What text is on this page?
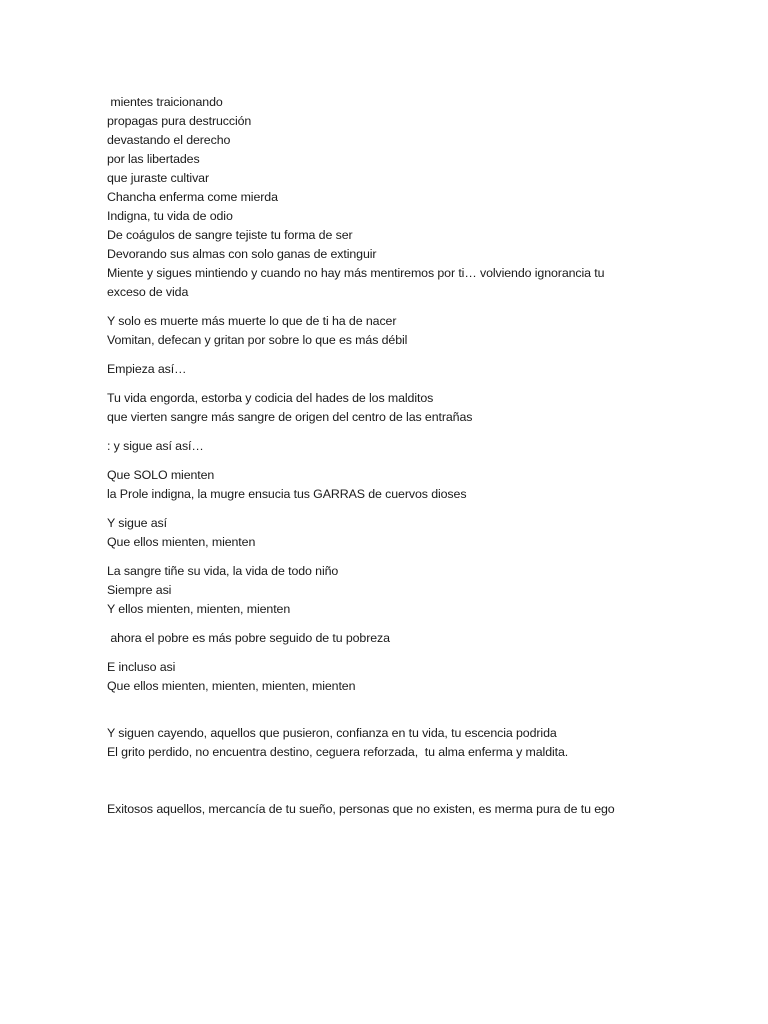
mientes traicionando
propagas pura destrucción
devastando el derecho
por las libertades
que juraste cultivar
Chancha enferma come mierda
Indigna, tu vida de odio
De coágulos de sangre tejiste tu forma de ser
Devorando sus almas con solo ganas de extinguir
Miente y sigues mintiendo y cuando no hay más mentiremos por ti… volviendo ignorancia tu
exceso de vida
Y solo es muerte más muerte lo que de ti ha de nacer
Vomitan, defecan y gritan por sobre lo que es más débil
Empieza así…
Tu vida engorda, estorba y codicia del hades de los malditos
que vierten sangre más sangre de origen del centro de las entrañas
: y sigue así así…
Que SOLO mienten
la Prole indigna, la mugre ensucia tus GARRAS de cuervos dioses
Y sigue así
Que ellos mienten, mienten
La sangre tiñe su vida, la vida de todo niño
Siempre asi
Y ellos mienten, mienten, mienten
ahora el pobre es más pobre seguido de tu pobreza
E incluso asi
Que ellos mienten, mienten, mienten, mienten
Y siguen cayendo, aquellos que pusieron, confianza en tu vida, tu escencia podrida
El grito perdido, no encuentra destino, ceguera reforzada,  tu alma enferma y maldita.
Exitosos aquellos, mercancía de tu sueño, personas que no existen, es merma pura de tu ego
